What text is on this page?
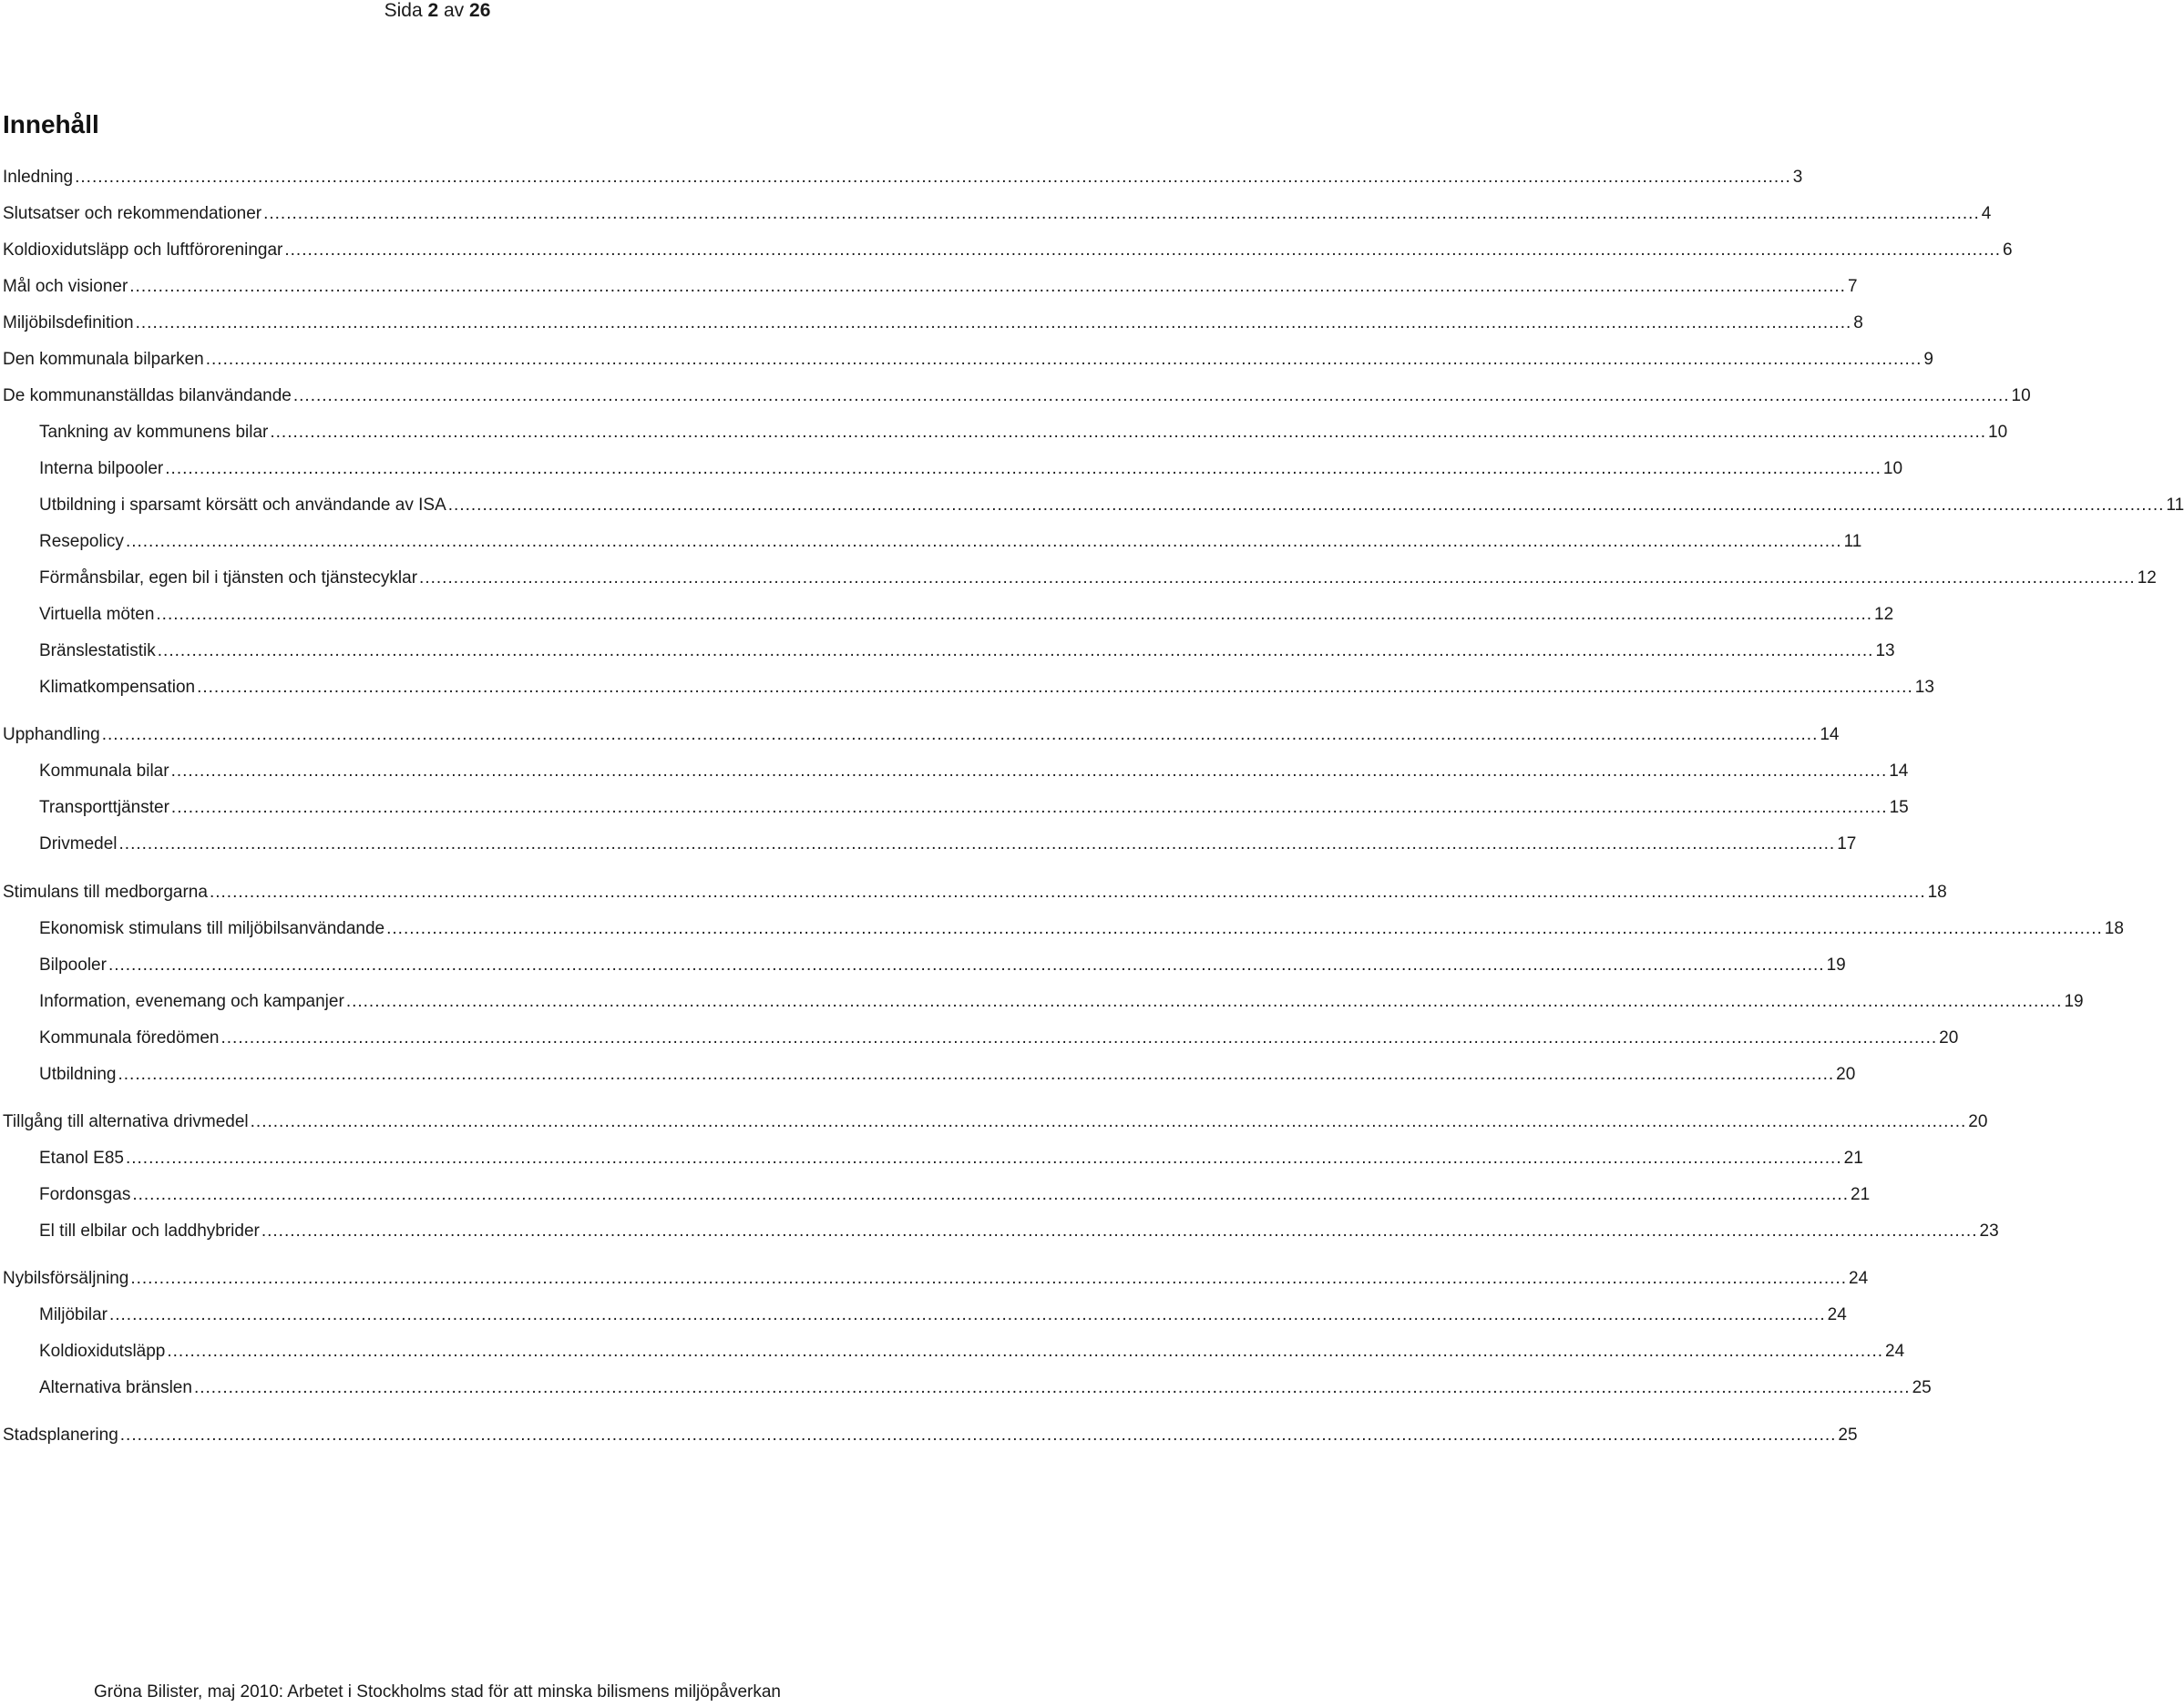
Sida 2 av 26
Innehåll
Inledning ............................................................................................................................................................................................................................................................................................................ 3
Slutsatser och rekommendationer ............................................................................................................................................................................................................................................................................................................ 4
Koldioxidutsläpp och luftföroreningar ............................................................................................................................................................................................................................................................................................................ 6
Mål och visioner ............................................................................................................................................................................................................................................................................................................ 7
Miljöbilsdefinition ............................................................................................................................................................................................................................................................................................................ 8
Den kommunala bilparken ............................................................................................................................................................................................................................................................................................................ 9
De kommunanställdas bilanvändande ............................................................................................................................................................................................................................................................................................................ 10
Tankning av kommunens bilar ............................................................................................................................................................................................................................................................................................................ 10
Interna bilpooler ............................................................................................................................................................................................................................................................................................................ 10
Utbildning i sparsamt körsätt och användande av ISA ............................................................................................................................................................................................................................................................................................................ 11
Resepolicy ............................................................................................................................................................................................................................................................................................................ 11
Förmånsbilar, egen bil i tjänsten och tjänstecyklar ............................................................................................................................................................................................................................................................................................................ 12
Virtuella möten ............................................................................................................................................................................................................................................................................................................ 12
Bränslestatistik ............................................................................................................................................................................................................................................................................................................ 13
Klimatkompensation ............................................................................................................................................................................................................................................................................................................ 13
Upphandling ............................................................................................................................................................................................................................................................................................................ 14
Kommunala bilar ............................................................................................................................................................................................................................................................................................................ 14
Transporttjänster ............................................................................................................................................................................................................................................................................................................ 15
Drivmedel ............................................................................................................................................................................................................................................................................................................ 17
Stimulans till medborgarna ............................................................................................................................................................................................................................................................................................................ 18
Ekonomisk stimulans till miljöbilsanvändande ............................................................................................................................................................................................................................................................................................................ 18
Bilpooler ............................................................................................................................................................................................................................................................................................................ 19
Information, evenemang och kampanjer ............................................................................................................................................................................................................................................................................................................ 19
Kommunala föredömen ............................................................................................................................................................................................................................................................................................................ 20
Utbildning ............................................................................................................................................................................................................................................................................................................ 20
Tillgång till alternativa drivmedel ............................................................................................................................................................................................................................................................................................................ 20
Etanol E85 ............................................................................................................................................................................................................................................................................................................ 21
Fordonsgas ............................................................................................................................................................................................................................................................................................................ 21
El till elbilar och laddhybrider ............................................................................................................................................................................................................................................................................................................ 23
Nybilsförsäljning ............................................................................................................................................................................................................................................................................................................ 24
Miljöbilar ............................................................................................................................................................................................................................................................................................................ 24
Koldioxidutsläpp ............................................................................................................................................................................................................................................................................................................ 24
Alternativa bränslen ............................................................................................................................................................................................................................................................................................................ 25
Stadsplanering ............................................................................................................................................................................................................................................................................................................ 25
Gröna Bilister, maj 2010: Arbetet i Stockholms stad för att minska bilismens miljöpåverkan
